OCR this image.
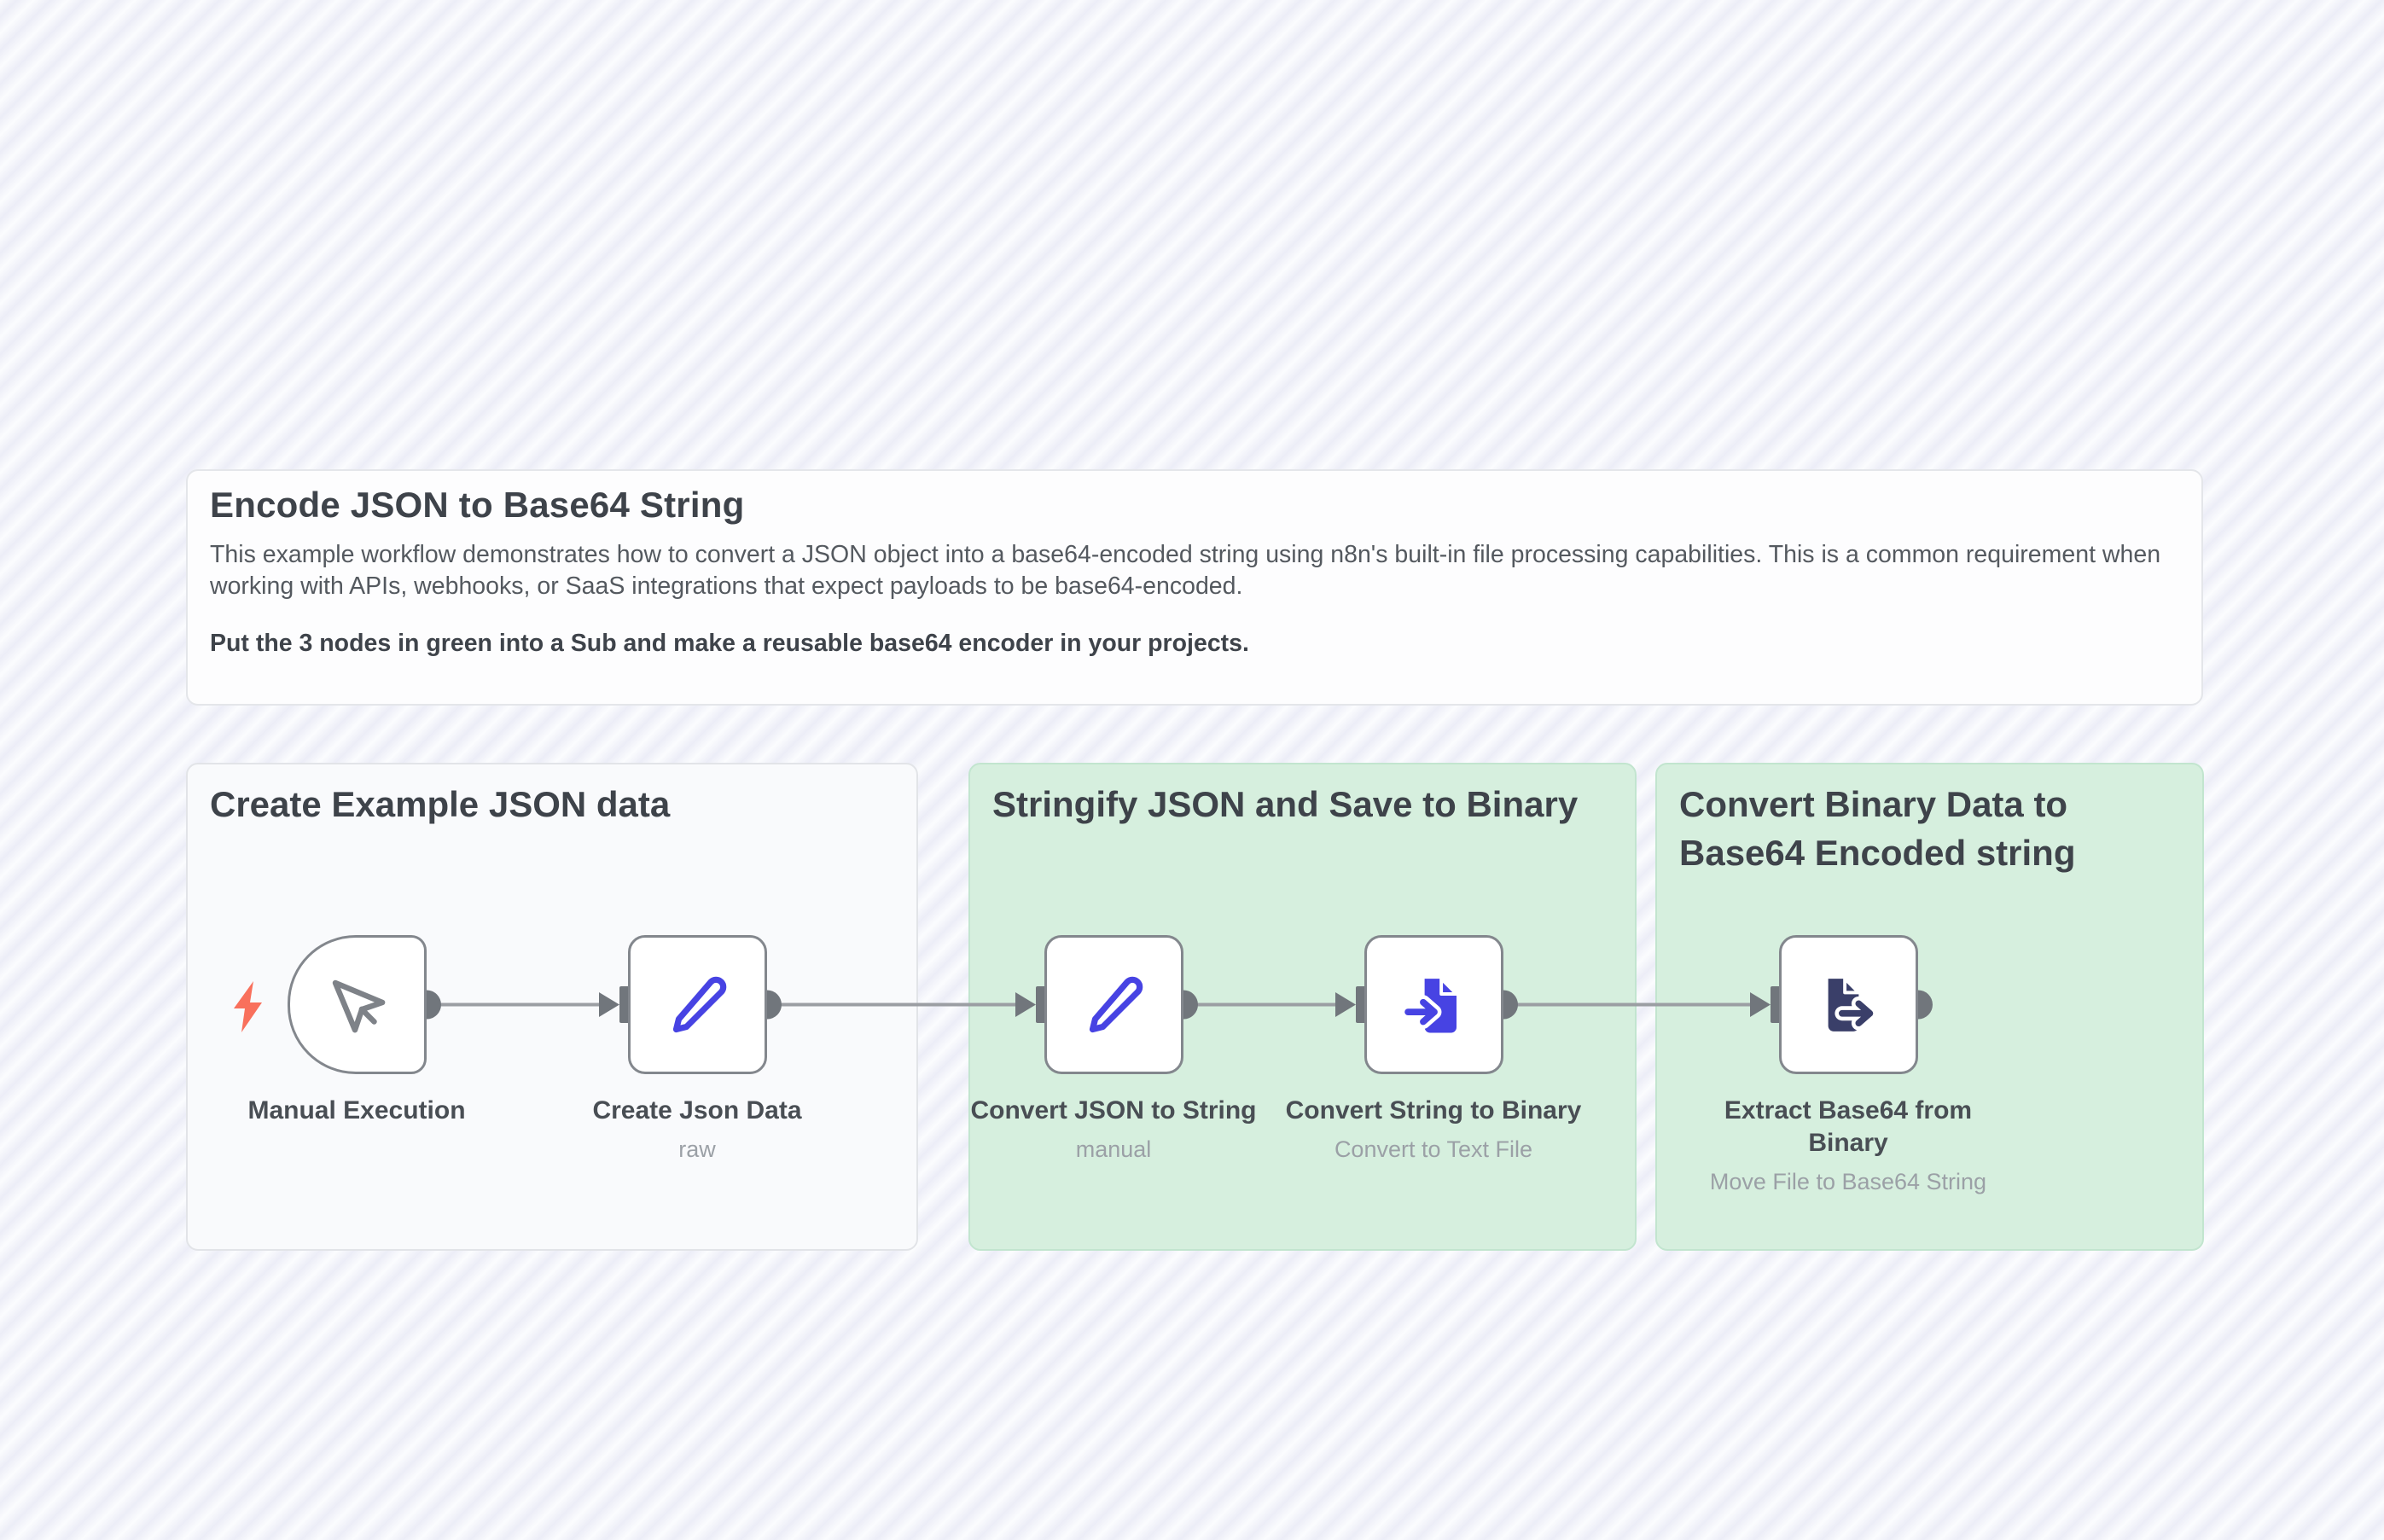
Encode JSON to Base64 String

This example workflow demonstrates how to convert a JSON object into a base64-encoded string using n8n's built-in file processing capabilities. This is a common requirement when working with APIs, webhooks, or SaaS integrations that expect payloads to be base64-encoded.

Put the 3 nodes in green into a Sub and make a reusable base64 encoder in your projects.

Create Example JSON data	Stringify JSON and Save to Binary	Convert Binary Data to Base64 Encoded string
Manual Execution	Create Json Data
raw
Convert JSON to String
manual
Convert String to Binary
Convert to Text File
Extract Base64 from Binary
Move File to Base64 String
